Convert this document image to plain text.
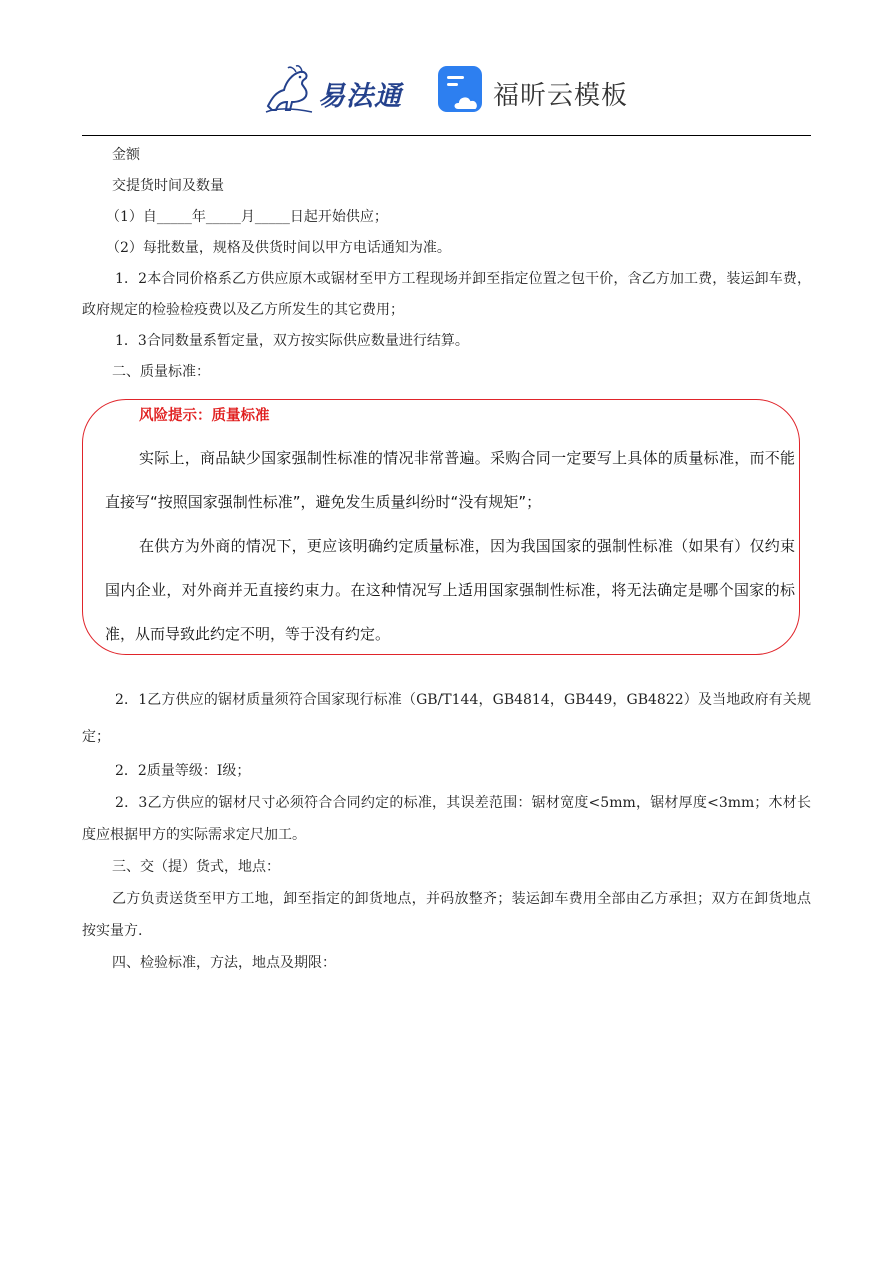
易法通	福昕云模板

金额

交提货时间及数量

（1）自_____年_____月_____日起开始供应；

（2）每批数量，规格及供货时间以甲方电话通知为准。

1．2本合同价格系乙方供应原木或锯材至甲方工程现场并卸至指定位置之包干价，含乙方加工费，装运卸车费，政府规定的检验检疫费以及乙方所发生的其它费用；

1．3合同数量系暂定量，双方按实际供应数量进行结算。

二、质量标准：

风险提示：质量标准

实际上，商品缺少国家强制性标准的情况非常普遍。采购合同一定要写上具体的质量标准，而不能直接写“按照国家强制性标准”，避免发生质量纠纷时“没有规矩”；

在供方为外商的情况下，更应该明确约定质量标准，因为我国国家的强制性标准（如果有）仅约束国内企业，对外商并无直接约束力。在这种情况写上适用国家强制性标准，将无法确定是哪个国家的标准，从而导致此约定不明，等于没有约定。

2．1乙方供应的锯材质量须符合国家现行标准（GB/T144，GB4814，GB449，GB4822）及当地政府有关规定；

2．2质量等级：Ⅰ级；

2．3乙方供应的锯材尺寸必须符合合同约定的标准，其误差范围：锯材宽度<5mm，锯材厚度<3mm；木材长度应根据甲方的实际需求定尺加工。

三、交（提）货式，地点：

乙方负责送货至甲方工地，卸至指定的卸货地点，并码放整齐；装运卸车费用全部由乙方承担；双方在卸货地点按实量方.

四、检验标准，方法，地点及期限：
